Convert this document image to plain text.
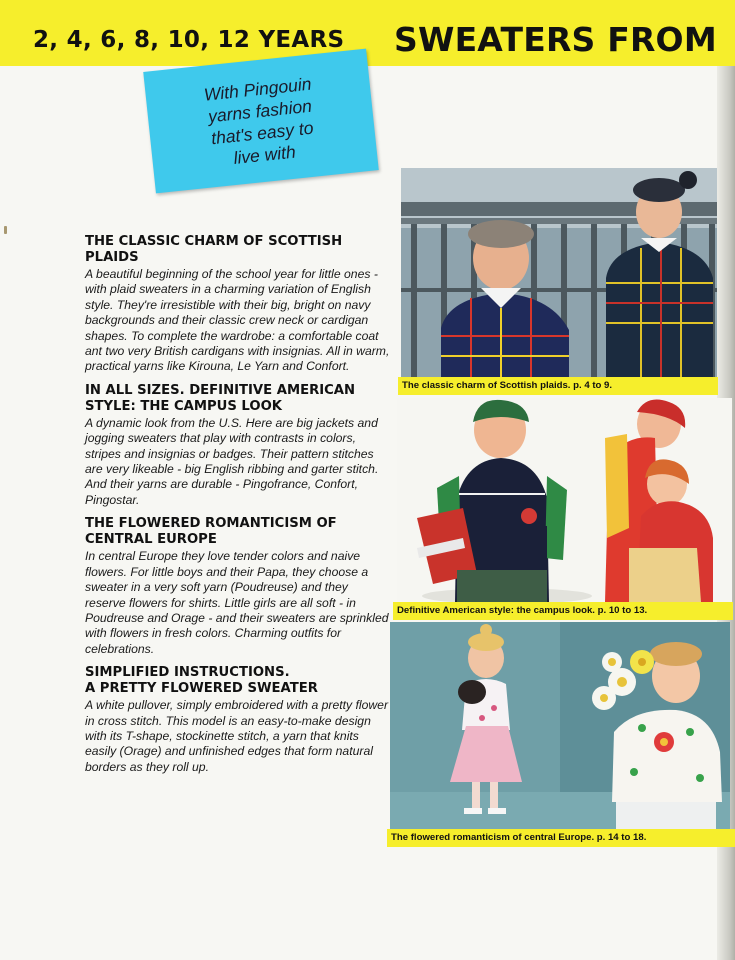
2, 4, 6, 8, 10, 12 YEARS SWEATERS FROM
With Pingouin
yarns fashion
that's easy to
live with
THE CLASSIC CHARM OF SCOTTISH PLAIDS
A beautiful beginning of the school year for little ones - with plaid sweaters in a charming variation of English style. They're irresistible with their big, bright on navy backgrounds and their classic crew neck or cardigan shapes. To complete the wardrobe: a comfortable coat ant two very British cardigans with insignias. All in warm, practical yarns like Kirouna, Le Yarn and Confort.
IN ALL SIZES. DEFINITIVE AMERICAN STYLE: THE CAMPUS LOOK
A dynamic look from the U.S. Here are big jackets and jogging sweaters that play with contrasts in colors, stripes and insignias or badges. Their pattern stitches are very likeable - big English ribbing and garter stitch. And their yarns are durable - Pingofrance, Confort, Pingostar.
THE FLOWERED ROMANTICISM OF CENTRAL EUROPE
In central Europe they love tender colors and naive flowers. For little boys and their Papa, they choose a sweater in a very soft yarn (Poudreuse) and they reserve flowers for shirts. Little girls are all soft - in Poudreuse and Orage - and their sweaters are sprinkled with flowers in fresh colors. Charming outfits for celebrations.
SIMPLIFIED INSTRUCTIONS.
A PRETTY FLOWERED SWEATER
A white pullover, simply embroidered with a pretty flower in cross stitch. This model is an easy-to-make design with its T-shape, stockinette stitch, a yarn that knits easily (Orage) and unfinished edges that form natural borders as they roll up.
The classic charm of Scottish plaids. p. 4 to 9.
Definitive American style: the campus look. p. 10 to 13.
The flowered romanticism of central Europe. p. 14 to 18.
